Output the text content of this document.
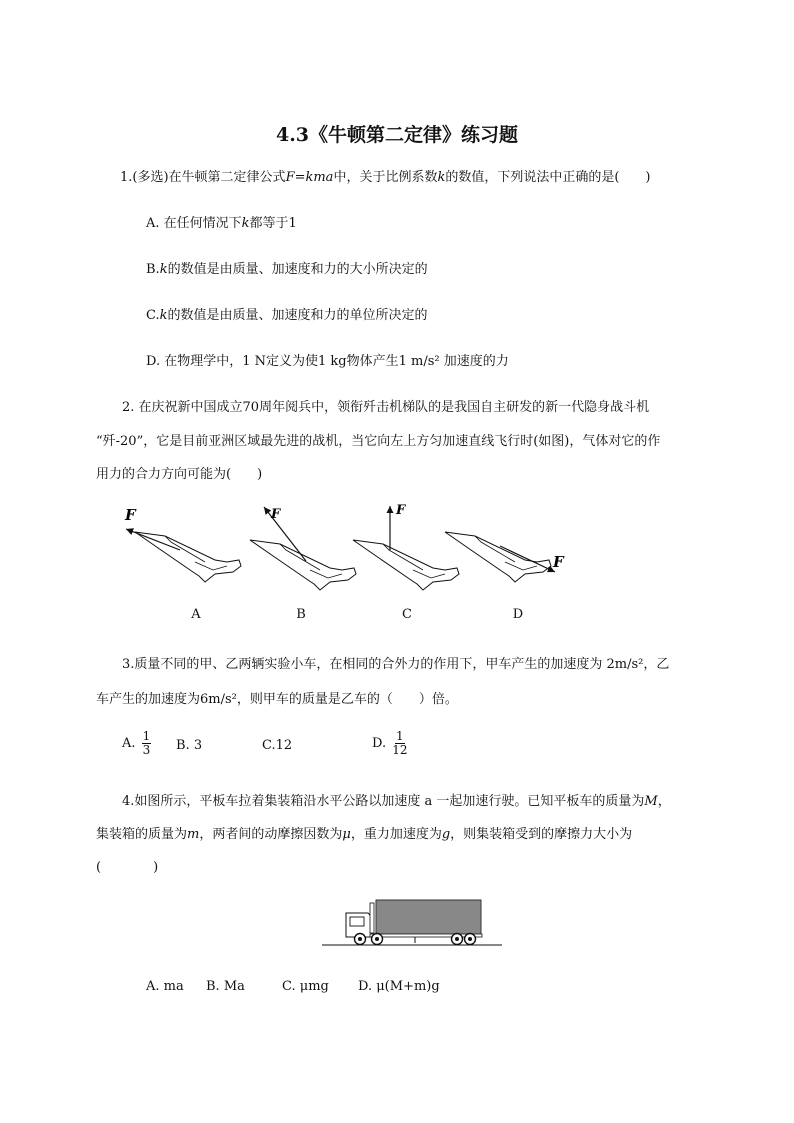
4.3《牛顿第二定律》练习题
1.(多选)在牛顿第二定律公式F=kma中，关于比例系数k的数值，下列说法中正确的是(　　)
A. 在任何情况下k都等于1
B.k的数值是由质量、加速度和力的大小所决定的
C.k的数值是由质量、加速度和力的单位所决定的
D. 在物理学中，1 N定义为使1 kg物体产生1 m/s² 加速度的力
2. 在庆祝新中国成立70周年阅兵中，领衔歼击机梯队的是我国自主研发的新一代隐身战斗机
“歼-20”，它是目前亚洲区域最先进的战机，当它向左上方匀加速直线飞行时(如图)，气体对它的作
用力的合力方向可能为(　　)
F	F	F
F
A	B	C	D
3.质量不同的甲、乙两辆实验小车，在相同的合外力的作用下，甲车产生的加速度为 2m/s²，乙
车产生的加速度为6m/s²，则甲车的质量是乙车的（　　）倍。
A. $\frac{1}{3} B$. 3	C.12	D. $\frac{1}{12}$
4.如图所示，平板车拉着集装箱沿水平公路以加速度 a 一起加速行驶。已知平板车的质量为M，
集装箱的质量为m，两者间的动摩擦因数为μ，重力加速度为g，则集装箱受到的摩擦力大小为
(　　　　)
A. ma B. Ma	C. μmg D. μ(M+m)g
